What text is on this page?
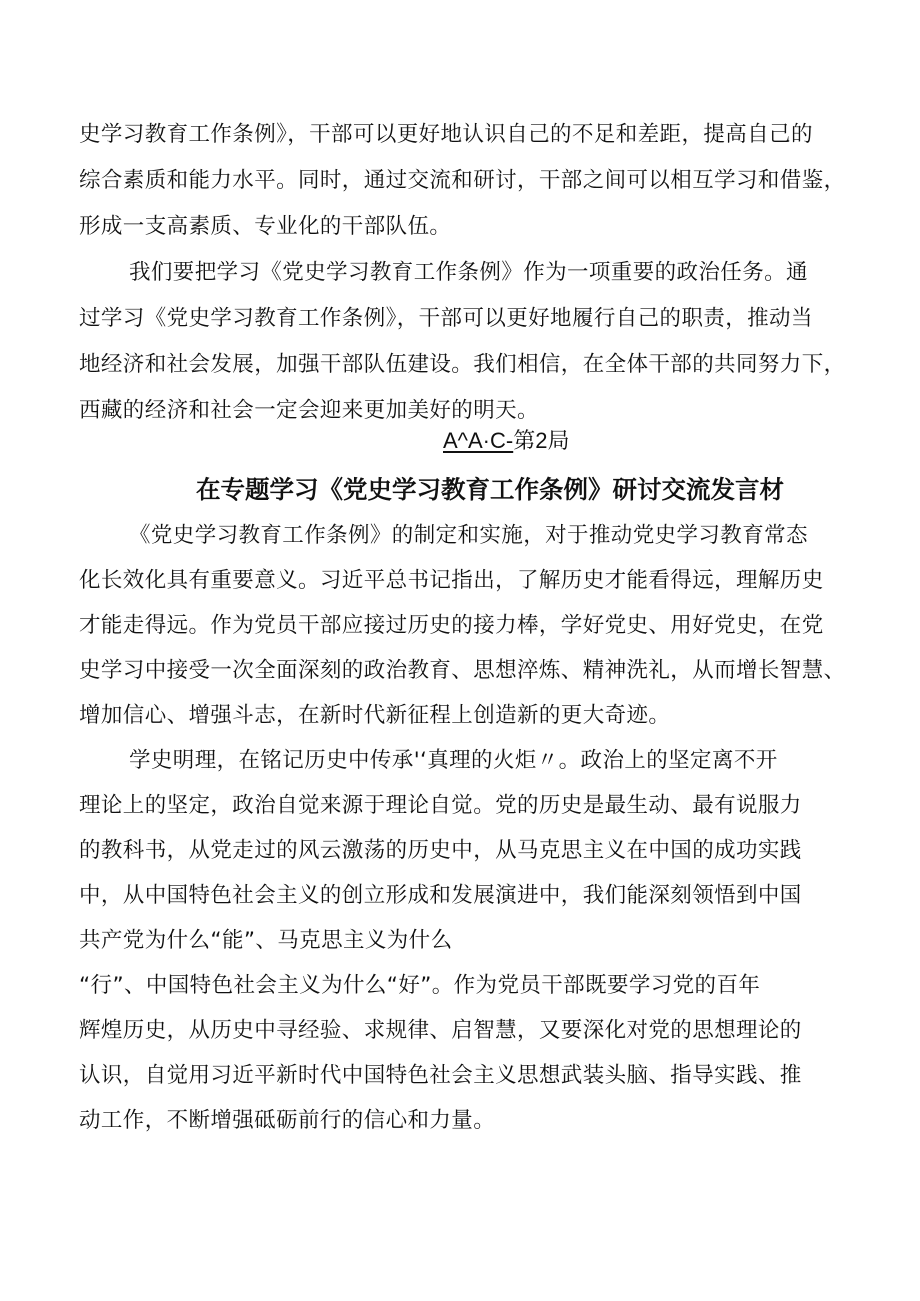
史学习教育工作条例》，干部可以更好地认识自己的不足和差距，提高自己的
综合素质和能力水平。同时，通过交流和研讨，干部之间可以相互学习和借鉴，
形成一支高素质、专业化的干部队伍。
我们要把学习《党史学习教育工作条例》作为一项重要的政治任务。通
过学习《党史学习教育工作条例》，干部可以更好地履行自己的职责，推动当
地经济和社会发展，加强干部队伍建设。我们相信，在全体干部的共同努力下，
西藏的经济和社会一定会迎来更加美好的明天。
A^A·C-第2局
在专题学习《党史学习教育工作条例》研讨交流发言材
《党史学习教育工作条例》的制定和实施，对于推动党史学习教育常态
化长效化具有重要意义。习近平总书记指出，了解历史才能看得远，理解历史
才能走得远。作为党员干部应接过历史的接力棒，学好党史、用好党史，在党
史学习中接受一次全面深刻的政治教育、思想淬炼、精神洗礼，从而增长智慧、
增加信心、增强斗志，在新时代新征程上创造新的更大奇迹。
学史明理，在铭记历史中传承'‘真理的火炬〃。政治上的坚定离不开
理论上的坚定，政治自觉来源于理论自觉。党的历史是最生动、最有说服力
的教科书，从党走过的风云激荡的历史中，从马克思主义在中国的成功实践
中，从中国特色社会主义的创立形成和发展演进中，我们能深刻领悟到中国
共产党为什么“能”、马克思主义为什么
“行”、中国特色社会主义为什么“好”。作为党员干部既要学习党的百年
辉煌历史，从历史中寻经验、求规律、启智慧，又要深化对党的思想理论的
认识，自觉用习近平新时代中国特色社会主义思想武装头脑、指导实践、推
动工作，不断增强砥砺前行的信心和力量。
